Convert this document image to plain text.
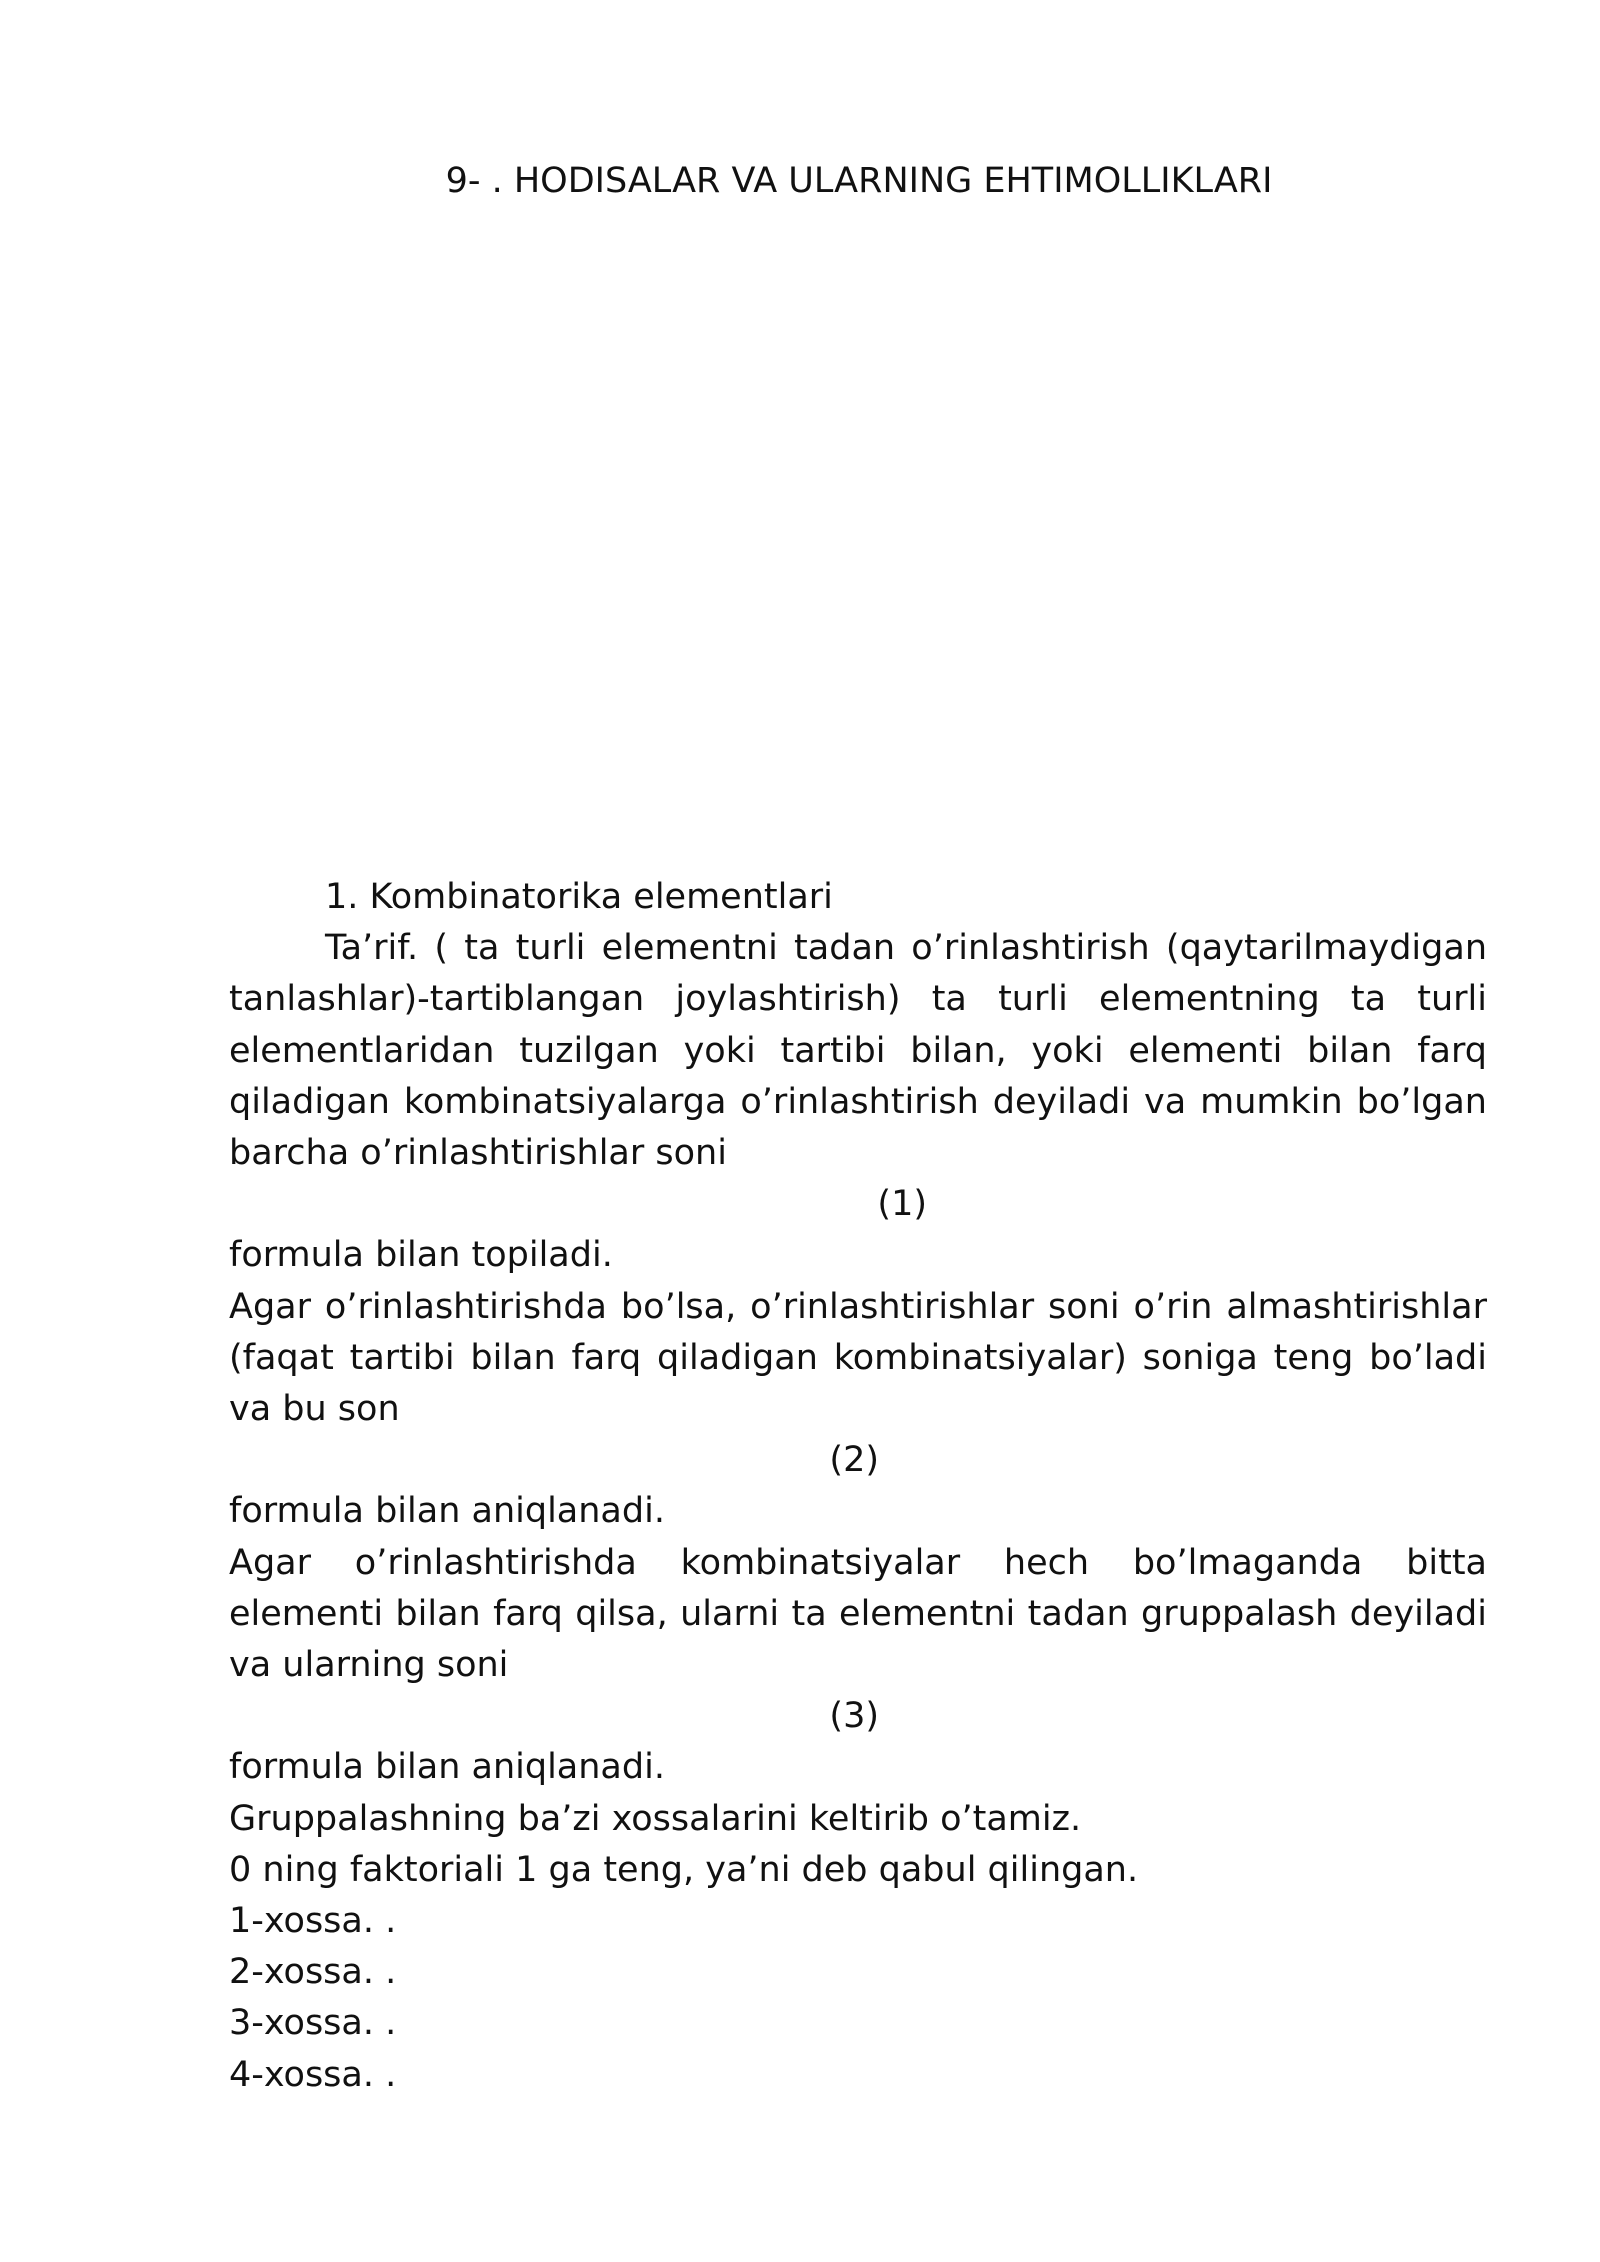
9- . HODISALAR VA ULARNING EHTIMOLLIKLARI

1. Kombinatorika elementlari

Ta’rif. ( ta turli elementni tadan o’rinlashtirish (qaytarilmaydigan tanlashlar)-tartiblangan joylashtirish) ta turli elementning ta turli elementlaridan tuzilgan yoki tartibi bilan, yoki elementi bilan farq qiladigan kombinatsiyalarga o’rinlashtirish deyiladi va mumkin bo’lgan barcha o’rinlashtirishlar soni

(1)

formula bilan topiladi.

Agar o’rinlashtirishda bo’lsa, o’rinlashtirishlar soni o’rin almashtirishlar (faqat tartibi bilan farq qiladigan kombinatsiyalar) soniga teng bo’ladi va bu son

(2)

formula bilan aniqlanadi.

Agar o’rinlashtirishda kombinatsiyalar hech bo’lmaganda bitta elementi bilan farq qilsa, ularni ta elementni tadan gruppalash deyiladi va ularning soni

(3)

formula bilan aniqlanadi.

Gruppalashning ba’zi xossalarini keltirib o’tamiz.

0 ning faktoriali 1 ga teng, ya’ni deb qabul qilingan.

1-xossa. .

2-xossa. .

3-xossa. .

4-xossa. .
